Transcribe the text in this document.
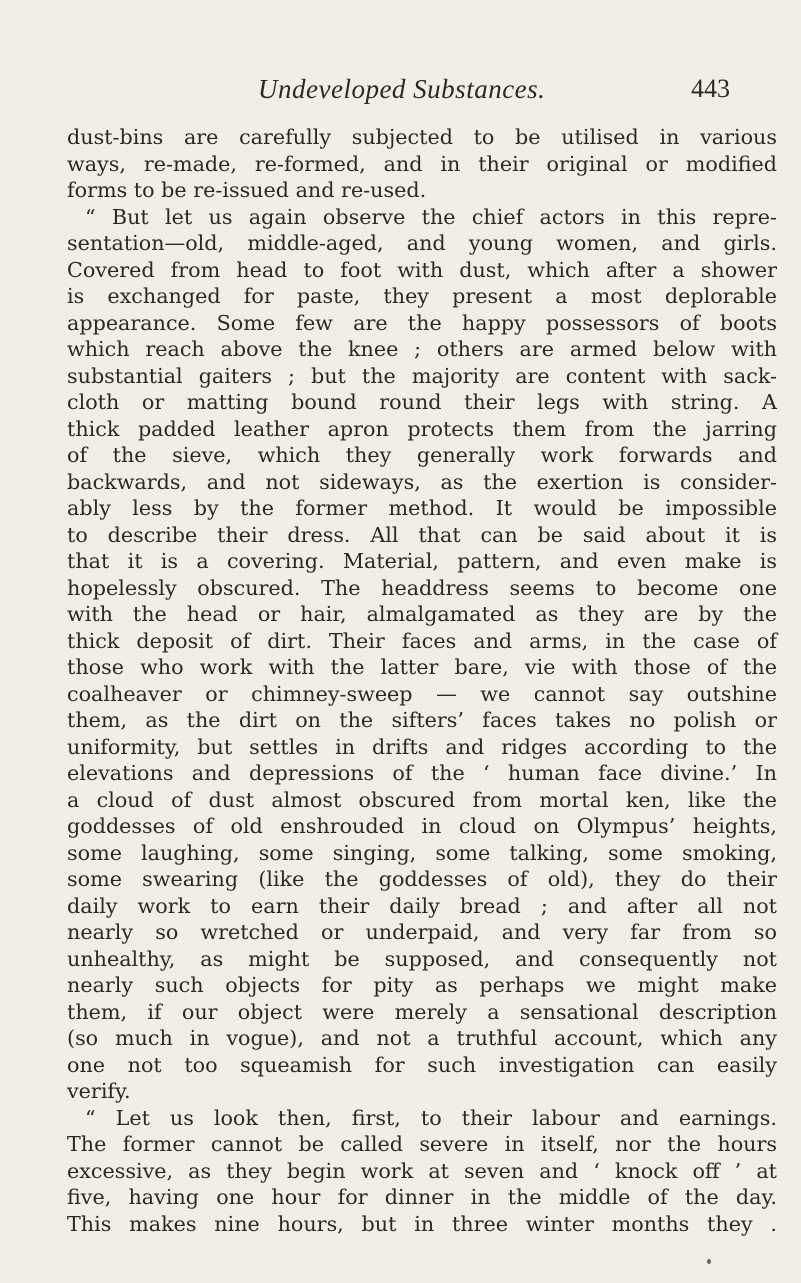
Undeveloped Substances.	443
dust-bins are carefully subjected to be utilised in various
ways, re-made, re-formed, and in their original or modified
forms to be re-issued and re-used.
“ But let us again observe the chief actors in this repre-
sentation—old, middle-aged, and young women, and girls.
Covered from head to foot with dust, which after a shower
is exchanged for paste, they present a most deplorable
appearance. Some few are the happy possessors of boots
which reach above the knee ; others are armed below with
substantial gaiters ; but the majority are content with sack-
cloth or matting bound round their legs with string. A
thick padded leather apron protects them from the jarring
of the sieve, which they generally work forwards and
backwards, and not sideways, as the exertion is consider-
ably less by the former method. It would be impossible
to describe their dress. All that can be said about it is
that it is a covering. Material, pattern, and even make is
hopelessly obscured. The headdress seems to become one
with the head or hair, almalgamated as they are by the
thick deposit of dirt. Their faces and arms, in the case of
those who work with the latter bare, vie with those of the
coalheaver or chimney-sweep — we cannot say outshine
them, as the dirt on the sifters’ faces takes no polish or
uniformity, but settles in drifts and ridges according to the
elevations and depressions of the ‘ human face divine.’ In
a cloud of dust almost obscured from mortal ken, like the
goddesses of old enshrouded in cloud on Olympus’ heights,
some laughing, some singing, some talking, some smoking,
some swearing (like the goddesses of old), they do their
daily work to earn their daily bread ; and after all not
nearly so wretched or underpaid, and very far from so
unhealthy, as might be supposed, and consequently not
nearly such objects for pity as perhaps we might make
them, if our object were merely a sensational description
(so much in vogue), and not a truthful account, which any
one not too squeamish for such investigation can easily
verify.
“ Let us look then, first, to their labour and earnings.
The former cannot be called severe in itself, nor the hours
excessive, as they begin work at seven and ‘ knock off ’ at
five, having one hour for dinner in the middle of the day.
This makes nine hours, but in three winter months they .
